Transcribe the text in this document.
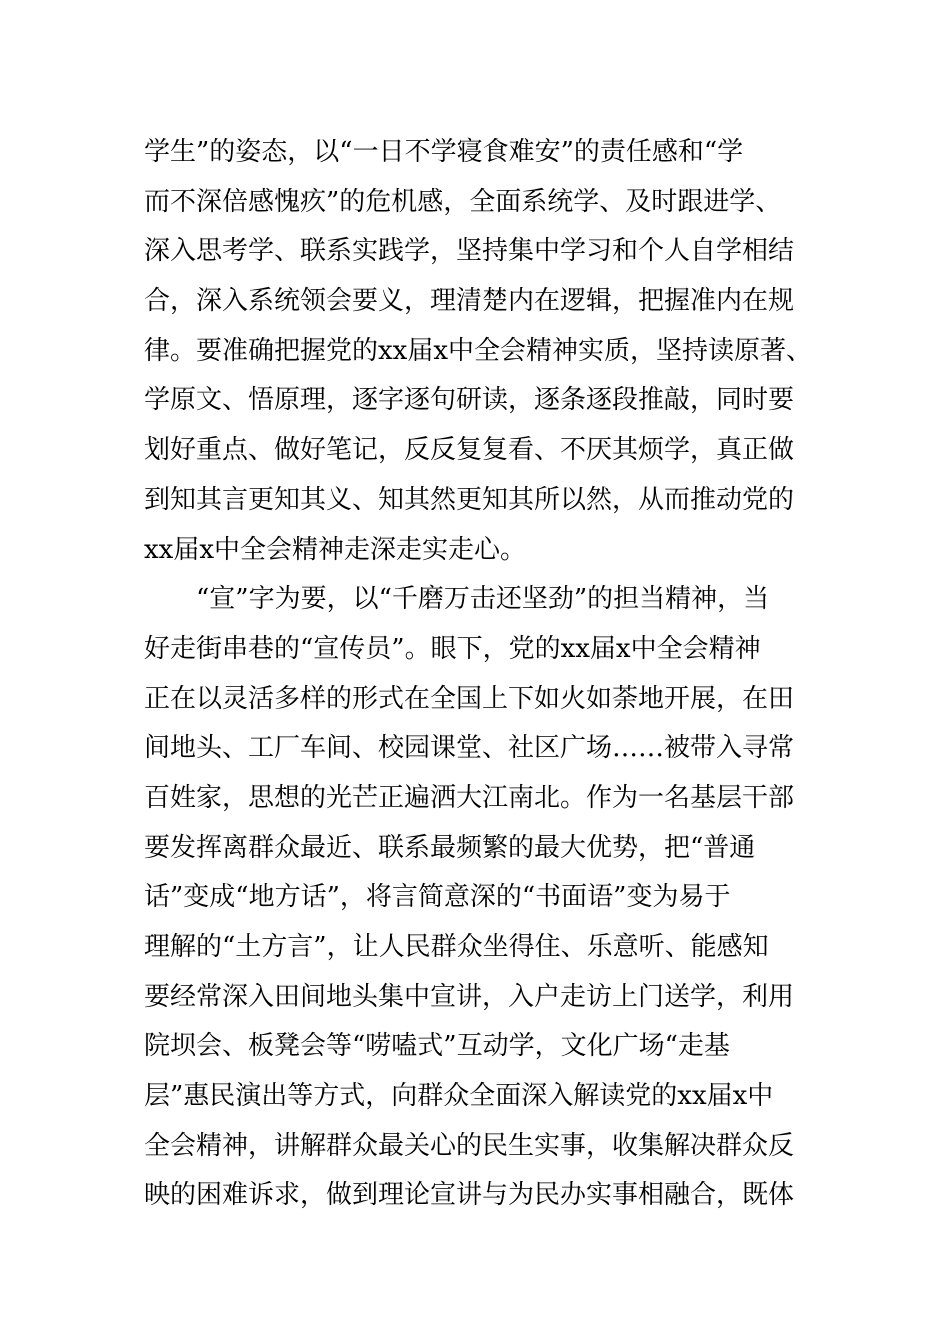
学生”的姿态，以“一日不学寝食难安”的责任感和“学
而不深倍感愧疚”的危机感，全面系统学、及时跟进学、
深入思考学、联系实践学，坚持集中学习和个人自学相结
合，深入系统领会要义，理清楚内在逻辑，把握准内在规
律。要准确把握党的xx届x中全会精神实质，坚持读原著、
学原文、悟原理，逐字逐句研读，逐条逐段推敲，同时要
划好重点、做好笔记，反反复复看、不厌其烦学，真正做
到知其言更知其义、知其然更知其所以然，从而推动党的
xx届x中全会精神走深走实走心。
“宣”字为要，以“千磨万击还坚劲”的担当精神，当
好走街串巷的“宣传员”。眼下，党的xx届x中全会精神
正在以灵活多样的形式在全国上下如火如荼地开展，在田
间地头、工厂车间、校园课堂、社区广场……被带入寻常
百姓家，思想的光芒正遍洒大江南北。作为一名基层干部
要发挥离群众最近、联系最频繁的最大优势，把“普通
话”变成“地方话”，将言简意深的“书面语”变为易于
理解的“土方言”，让人民群众坐得住、乐意听、能感知
要经常深入田间地头集中宣讲，入户走访上门送学，利用
院坝会、板凳会等“唠嗑式”互动学，文化广场“走基
层”惠民演出等方式，向群众全面深入解读党的xx届x中
全会精神，讲解群众最关心的民生实事，收集解决群众反
映的困难诉求，做到理论宣讲与为民办实事相融合，既体
